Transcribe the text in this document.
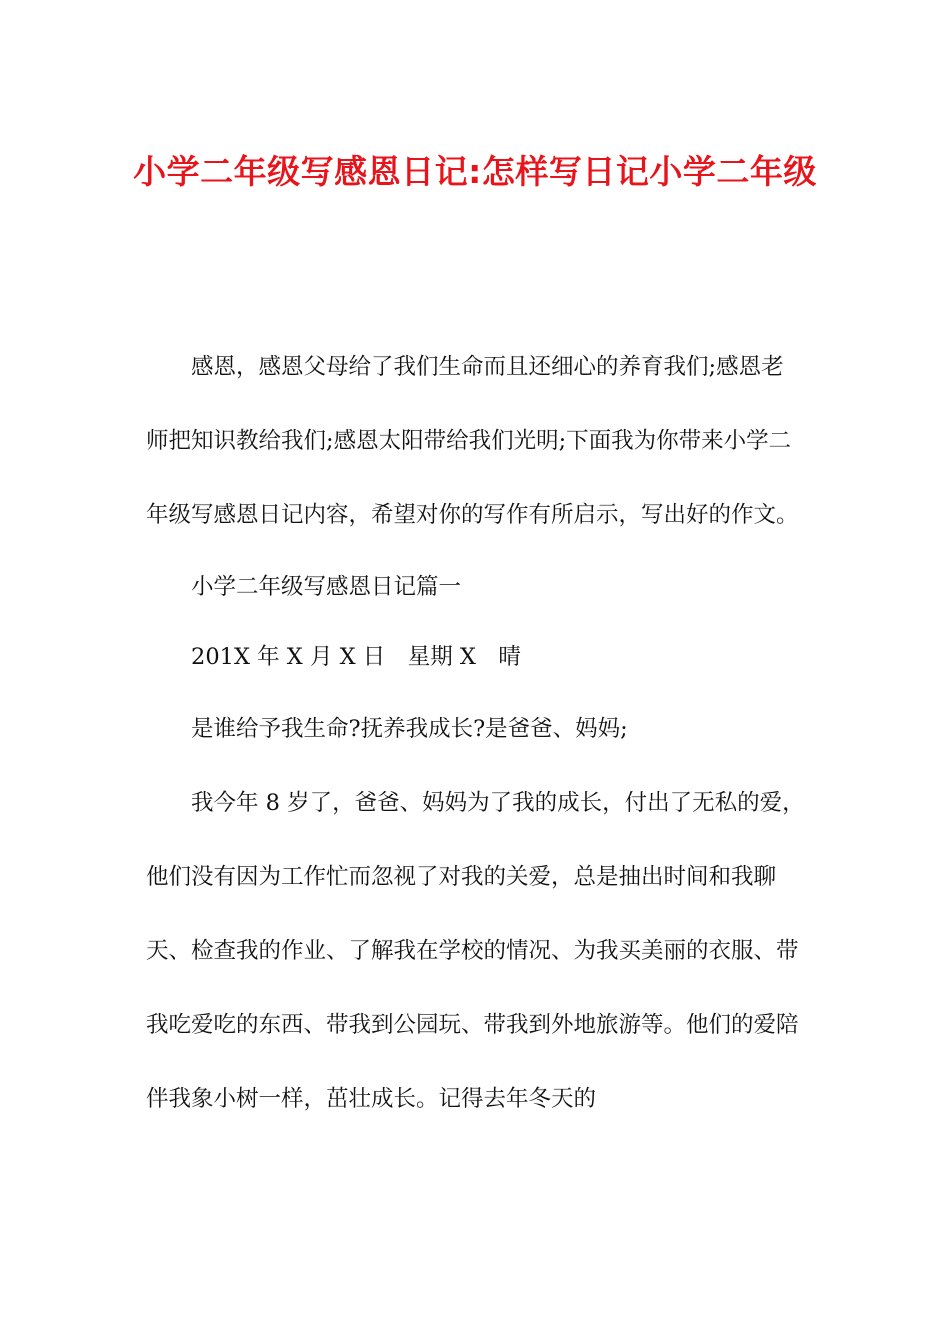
小学二年级写感恩日记:怎样写日记小学二年级

感恩，感恩父母给了我们生命而且还细心的养育我们;感恩老师把知识教给我们;感恩太阳带给我们光明;下面我为你带来小学二年级写感恩日记内容，希望对你的写作有所启示，写出好的作文。

小学二年级写感恩日记篇一

201X 年 X 月 X 日　星期 X　晴

是谁给予我生命?抚养我成长?是爸爸、妈妈;

我今年 8 岁了，爸爸、妈妈为了我的成长，付出了无私的爱，他们没有因为工作忙而忽视了对我的关爱，总是抽出时间和我聊天、检查我的作业、了解我在学校的情况、为我买美丽的衣服、带我吃爱吃的东西、带我到公园玩、带我到外地旅游等。他们的爱陪伴我象小树一样，茁壮成长。记得去年冬天的
